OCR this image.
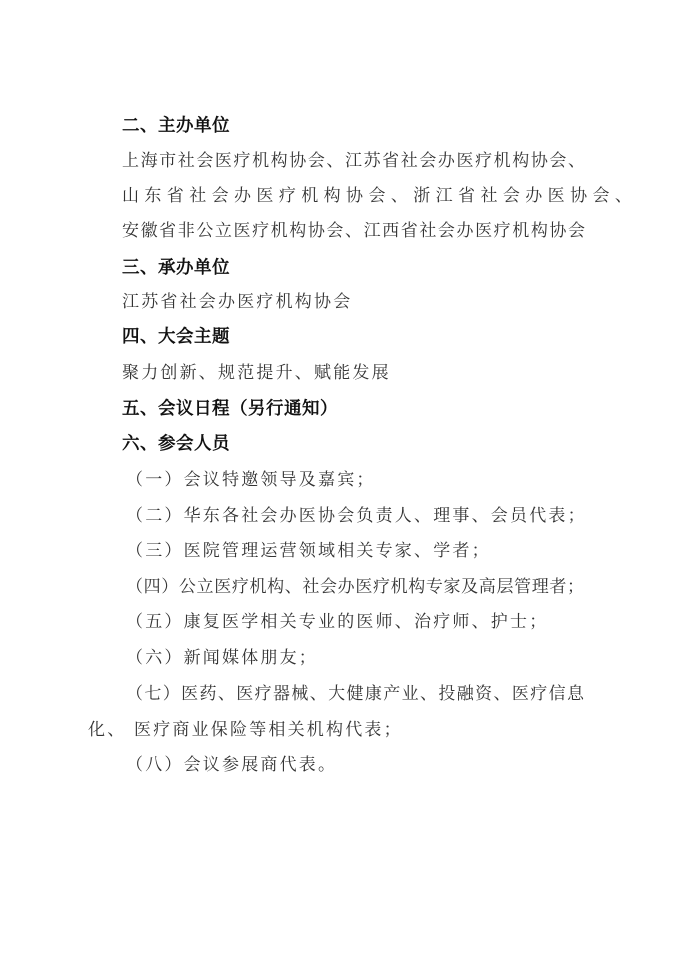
二、主办单位
上海市社会医疗机构协会、江苏省社会办医疗机构协会、
山 东 省 社 会 办 医 疗 机 构 协 会 、 浙 江 省 社 会 办 医 协 会 、
安徽省非公立医疗机构协会、江西省社会办医疗机构协会
三、承办单位
江苏省社会办医疗机构协会
四、大会主题
聚力创新、规范提升、赋能发展
五、会议日程（另行通知）
六、参会人员
（一）会议特邀领导及嘉宾；
（二）华东各社会办医协会负责人、理事、会员代表；
（三）医院管理运营领域相关专家、学者；
（四）公立医疗机构、社会办医疗机构专家及高层管理者；
（五）康复医学相关专业的医师、治疗师、护士；
（六）新闻媒体朋友；
（七）医药、医疗器械、大健康产业、投融资、医疗信息
化、 医疗商业保险等相关机构代表；
（八）会议参展商代表。
